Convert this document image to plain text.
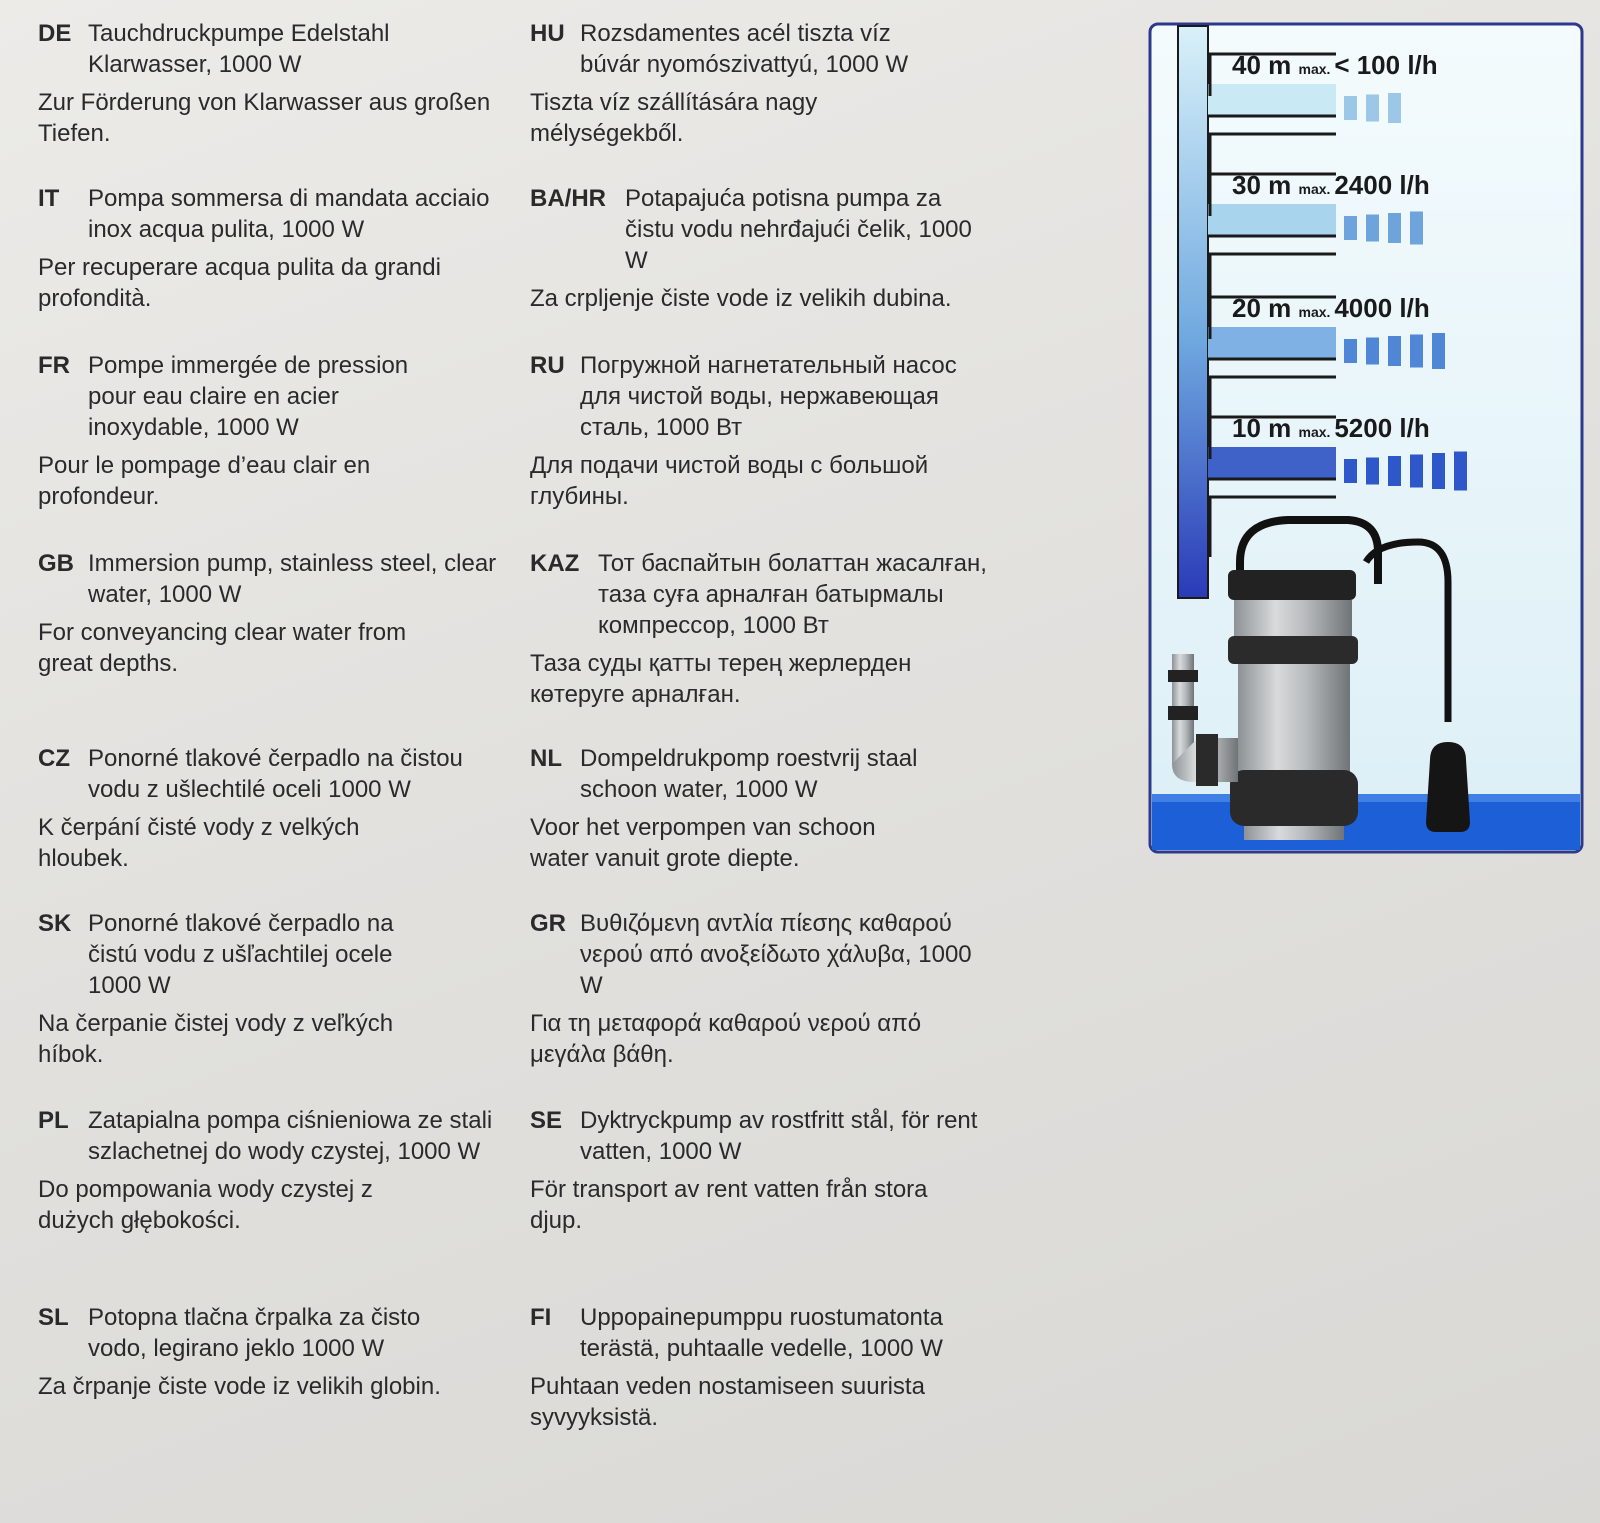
DE Tauchdruckpumpe Edelstahl Klarwasser, 1000 W
Zur Förderung von Klarwasser aus großen Tiefen.
IT	Pompa sommersa di mandata acciaio inox acqua pulita, 1000 W
Per recuperare acqua pulita da grandi profondità.
FR Pompe immergée de pression pour eau claire en acier inoxydable, 1000 W
Pour le pompage d’eau clair en profondeur.
GB Immersion pump, stainless steel, clear water, 1000 W
For conveyancing clear water from great depths.
CZ Ponorné tlakové čerpadlo na čistou vodu z ušlechtilé oceli 1000 W
K čerpání čisté vody z velkých hloubek.
SK Ponorné tlakové čerpadlo na čistú vodu z ušľachtilej ocele 1000 W
Na čerpanie čistej vody z veľkých híbok.
PL Zatapialna pompa ciśnieniowa ze stali szlachetnej do wody czystej, 1000 W
Do pompowania wody czystej z dużych głębokości.
SL Potopna tlačna črpalka za čisto vodo, legirano jeklo 1000 W
Za črpanje čiste vode iz velikih globin.
HU Rozsdamentes acél tiszta víz búvár nyomószivattyú, 1000 W
Tiszta víz szállítására nagy mélységekből.
BA/HR Potapajuća potisna pumpa za čistu vodu nehrđajući čelik, 1000 W
Za crpljenje čiste vode iz velikih dubina.
RU Погружной нагнетательный насос для чистой воды, нержавеющая сталь, 1000 Вт
Для подачи чистой воды с большой глубины.
KAZ Тот баспайтын болаттан жасалған, таза суға арналған батырмалы компрессор, 1000 Вт
Таза суды қатты терең жерлерден көтеруге арналған.
NL Dompeldrukpomp roestvrij staal schoon water, 1000 W
Voor het verpompen van schoon water vanuit grote diepte.
GR Βυθιζόμενη αντλία πίεσης καθαρού νερού από ανοξείδωτο χάλυβα, 1000 W
Για τη μεταφορά καθαρού νερού από μεγάλα βάθη.
SE Dyktryckpump av rostfritt stål, för rent vatten, 1000 W
För transport av rent vatten från stora djup.
FI	Uppopainepumppu ruostumatonta terästä, puhtaalle vedelle, 1000 W
Puhtaan veden nostamiseen suurista syvyyksistä.
40 m max. < 100 l/h
30 m max. 2400 l/h
20 m max. 4000 l/h
10 m max. 5200 l/h
